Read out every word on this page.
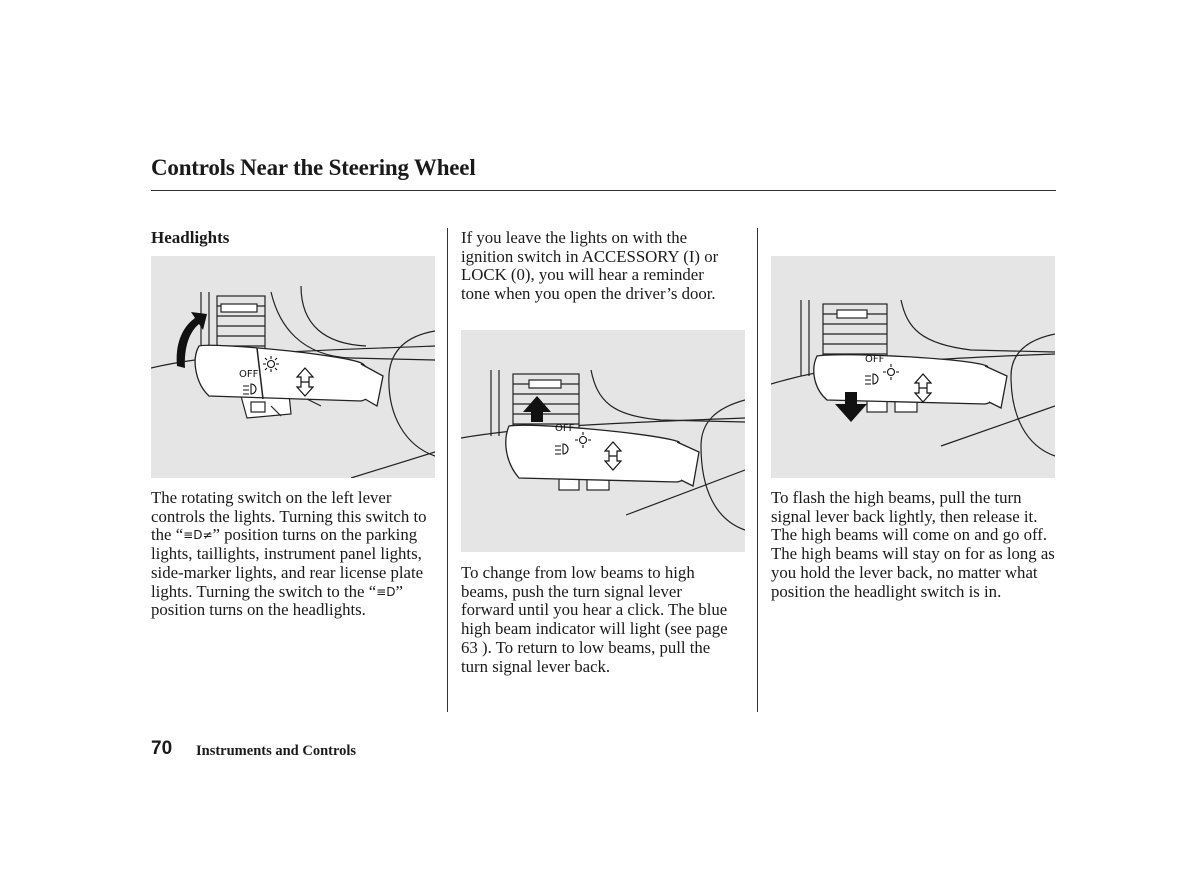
Controls Near the Steering Wheel
Headlights
OFF

The rotating switch on the left lever controls the lights. Turning this switch to the “≡D≠” position turns on the parking lights, taillights, instrument panel lights, side-marker lights, and rear license plate lights. Turning the switch to the “≡D” position turns on the headlights.

If you leave the lights on with the ignition switch in ACCESSORY (I) or LOCK (0), you will hear a reminder tone when you open the driver’s door.

OFF

To change from low beams to high beams, push the turn signal lever forward until you hear a click. The blue high beam indicator will light (see page 63 ). To return to low beams, pull the turn signal lever back.

OFF

To flash the high beams, pull the turn signal lever back lightly, then release it. The high beams will come on and go off. The high beams will stay on for as long as you hold the lever back, no matter what position the headlight switch is in.

70 Instruments and Controls
